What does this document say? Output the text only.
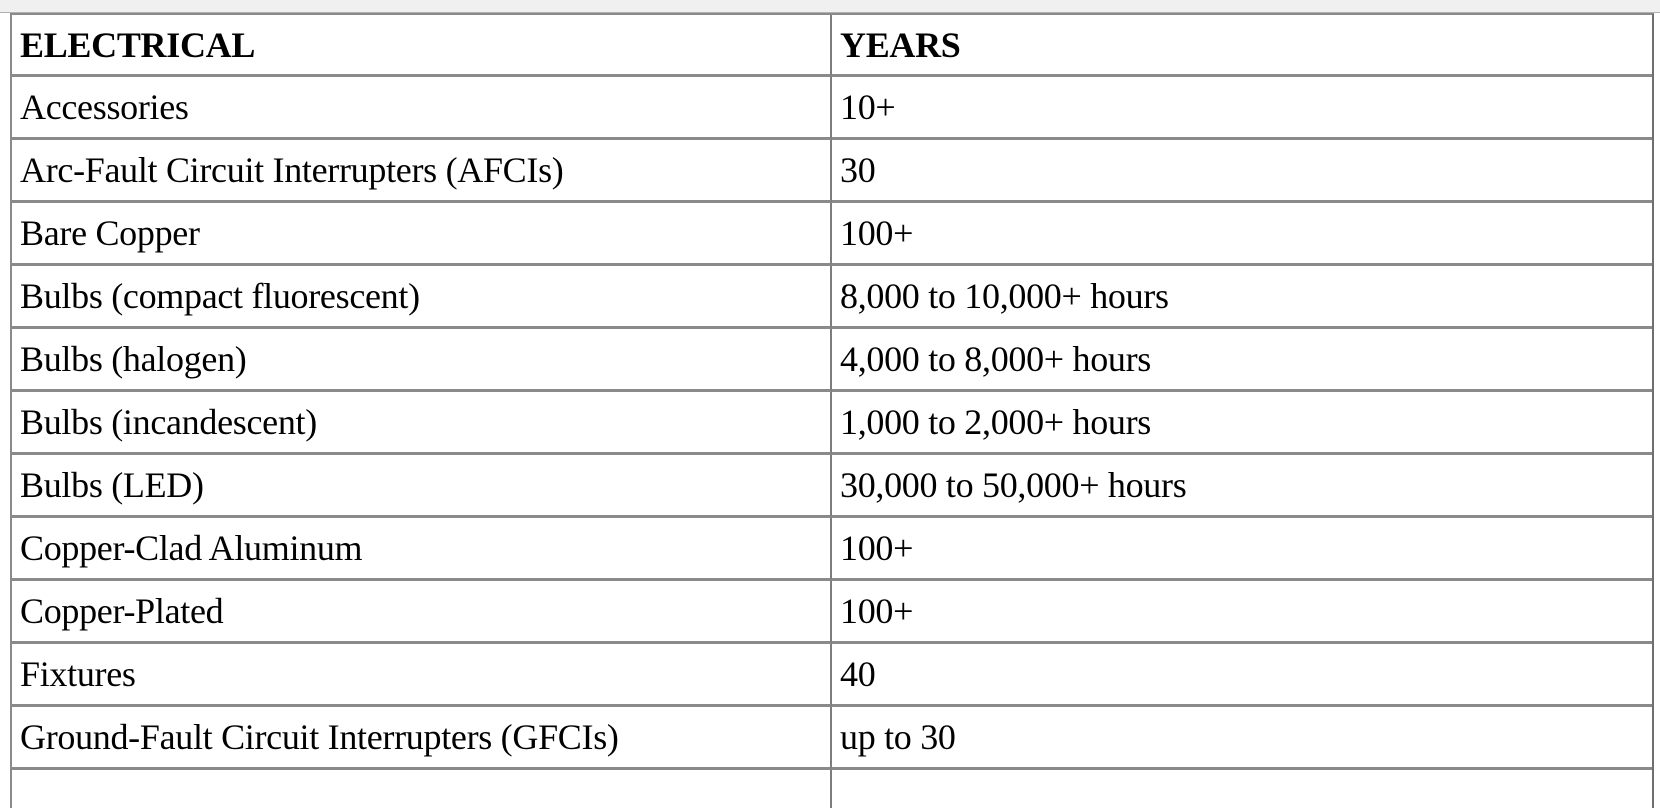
ELECTRICAL	YEARS
Accessories	10+
Arc-Fault Circuit Interrupters (AFCIs)	30
Bare Copper	100+
Bulbs (compact fluorescent)	8,000 to 10,000+ hours
Bulbs (halogen)	4,000 to 8,000+ hours
Bulbs (incandescent)	1,000 to 2,000+ hours
Bulbs (LED)	30,000 to 50,000+ hours
Copper-Clad Aluminum	100+
Copper-Plated	100+
Fixtures	40
Ground-Fault Circuit Interrupters (GFCIs)	up to 30
